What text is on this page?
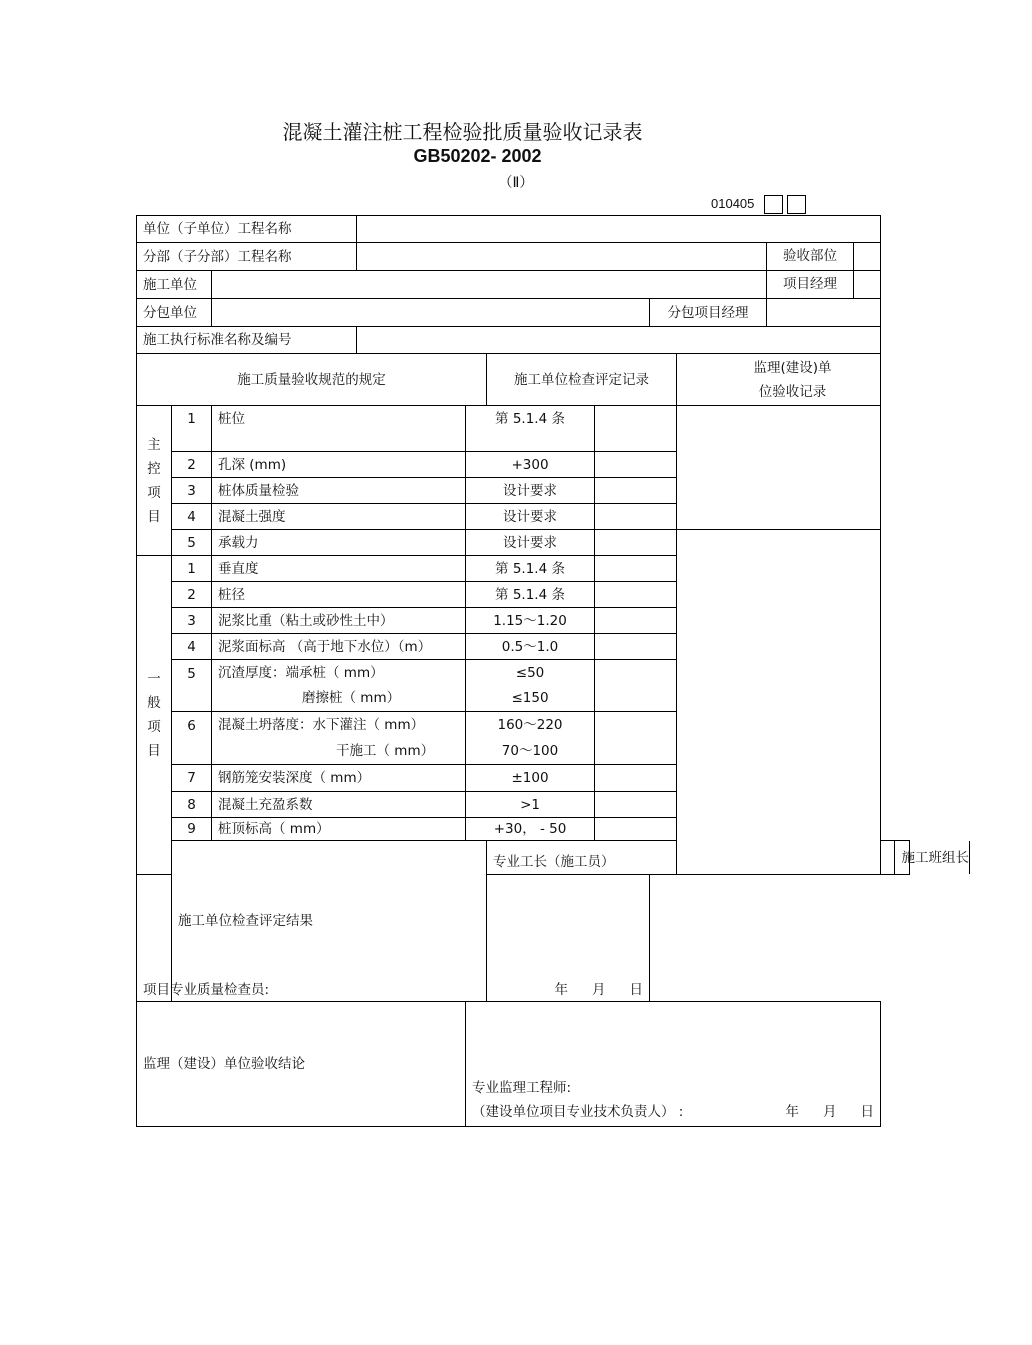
混凝土灌注桩工程检验批质量验收记录表
GB50202- 2002
（Ⅱ）
010405
单位（子单位）工程名称											
分部（子分部）工程名称									验收部位		

施工单位									项目经理		

分包单位							分包项目经理				

施工执行标准名称及编号											
施工质量验收规范的规定					施工单位检查评定记录			监理(建设)单
位验收记录			

主
控
项
目	1	桩位		第 5.1.4 条							

	2	孔深 (mm)		+300							
	3	桩体质量检验		设计要求							
	4	混凝土强度		设计要求							
	5	承载力		设计要求							

一
般
项
目	1	垂直度		第 5.1.4 条							
	2	桩径		第 5.1.4 条							
	3	泥浆比重（粘土或砂性土中）		1.15～1.20							
	4	泥浆面标高 （高于地下水位）（m）		0.5～1.0							
	5	沉渣厚度：端承桩（ mm）		≤50							
		磨擦桩（ mm）		≤150							
	6	混凝土坍落度：水下灌注（ mm）		160～220							
		干施工（ mm）		70～100							
	7	钢筋笼安装深度（ mm）		±100							
	8	混凝土充盈系数		>1							
	9	桩顶标高（ mm）		+30， - 50							
	施工单位检查评定结果				专业工长（施工员）						施工班组长

项目专业质量检查员: 年 月 日											

监理（建设）单位验收结论				专业监理工程师:
（建设单位项目专业技术负责人） : 年 月 日							
